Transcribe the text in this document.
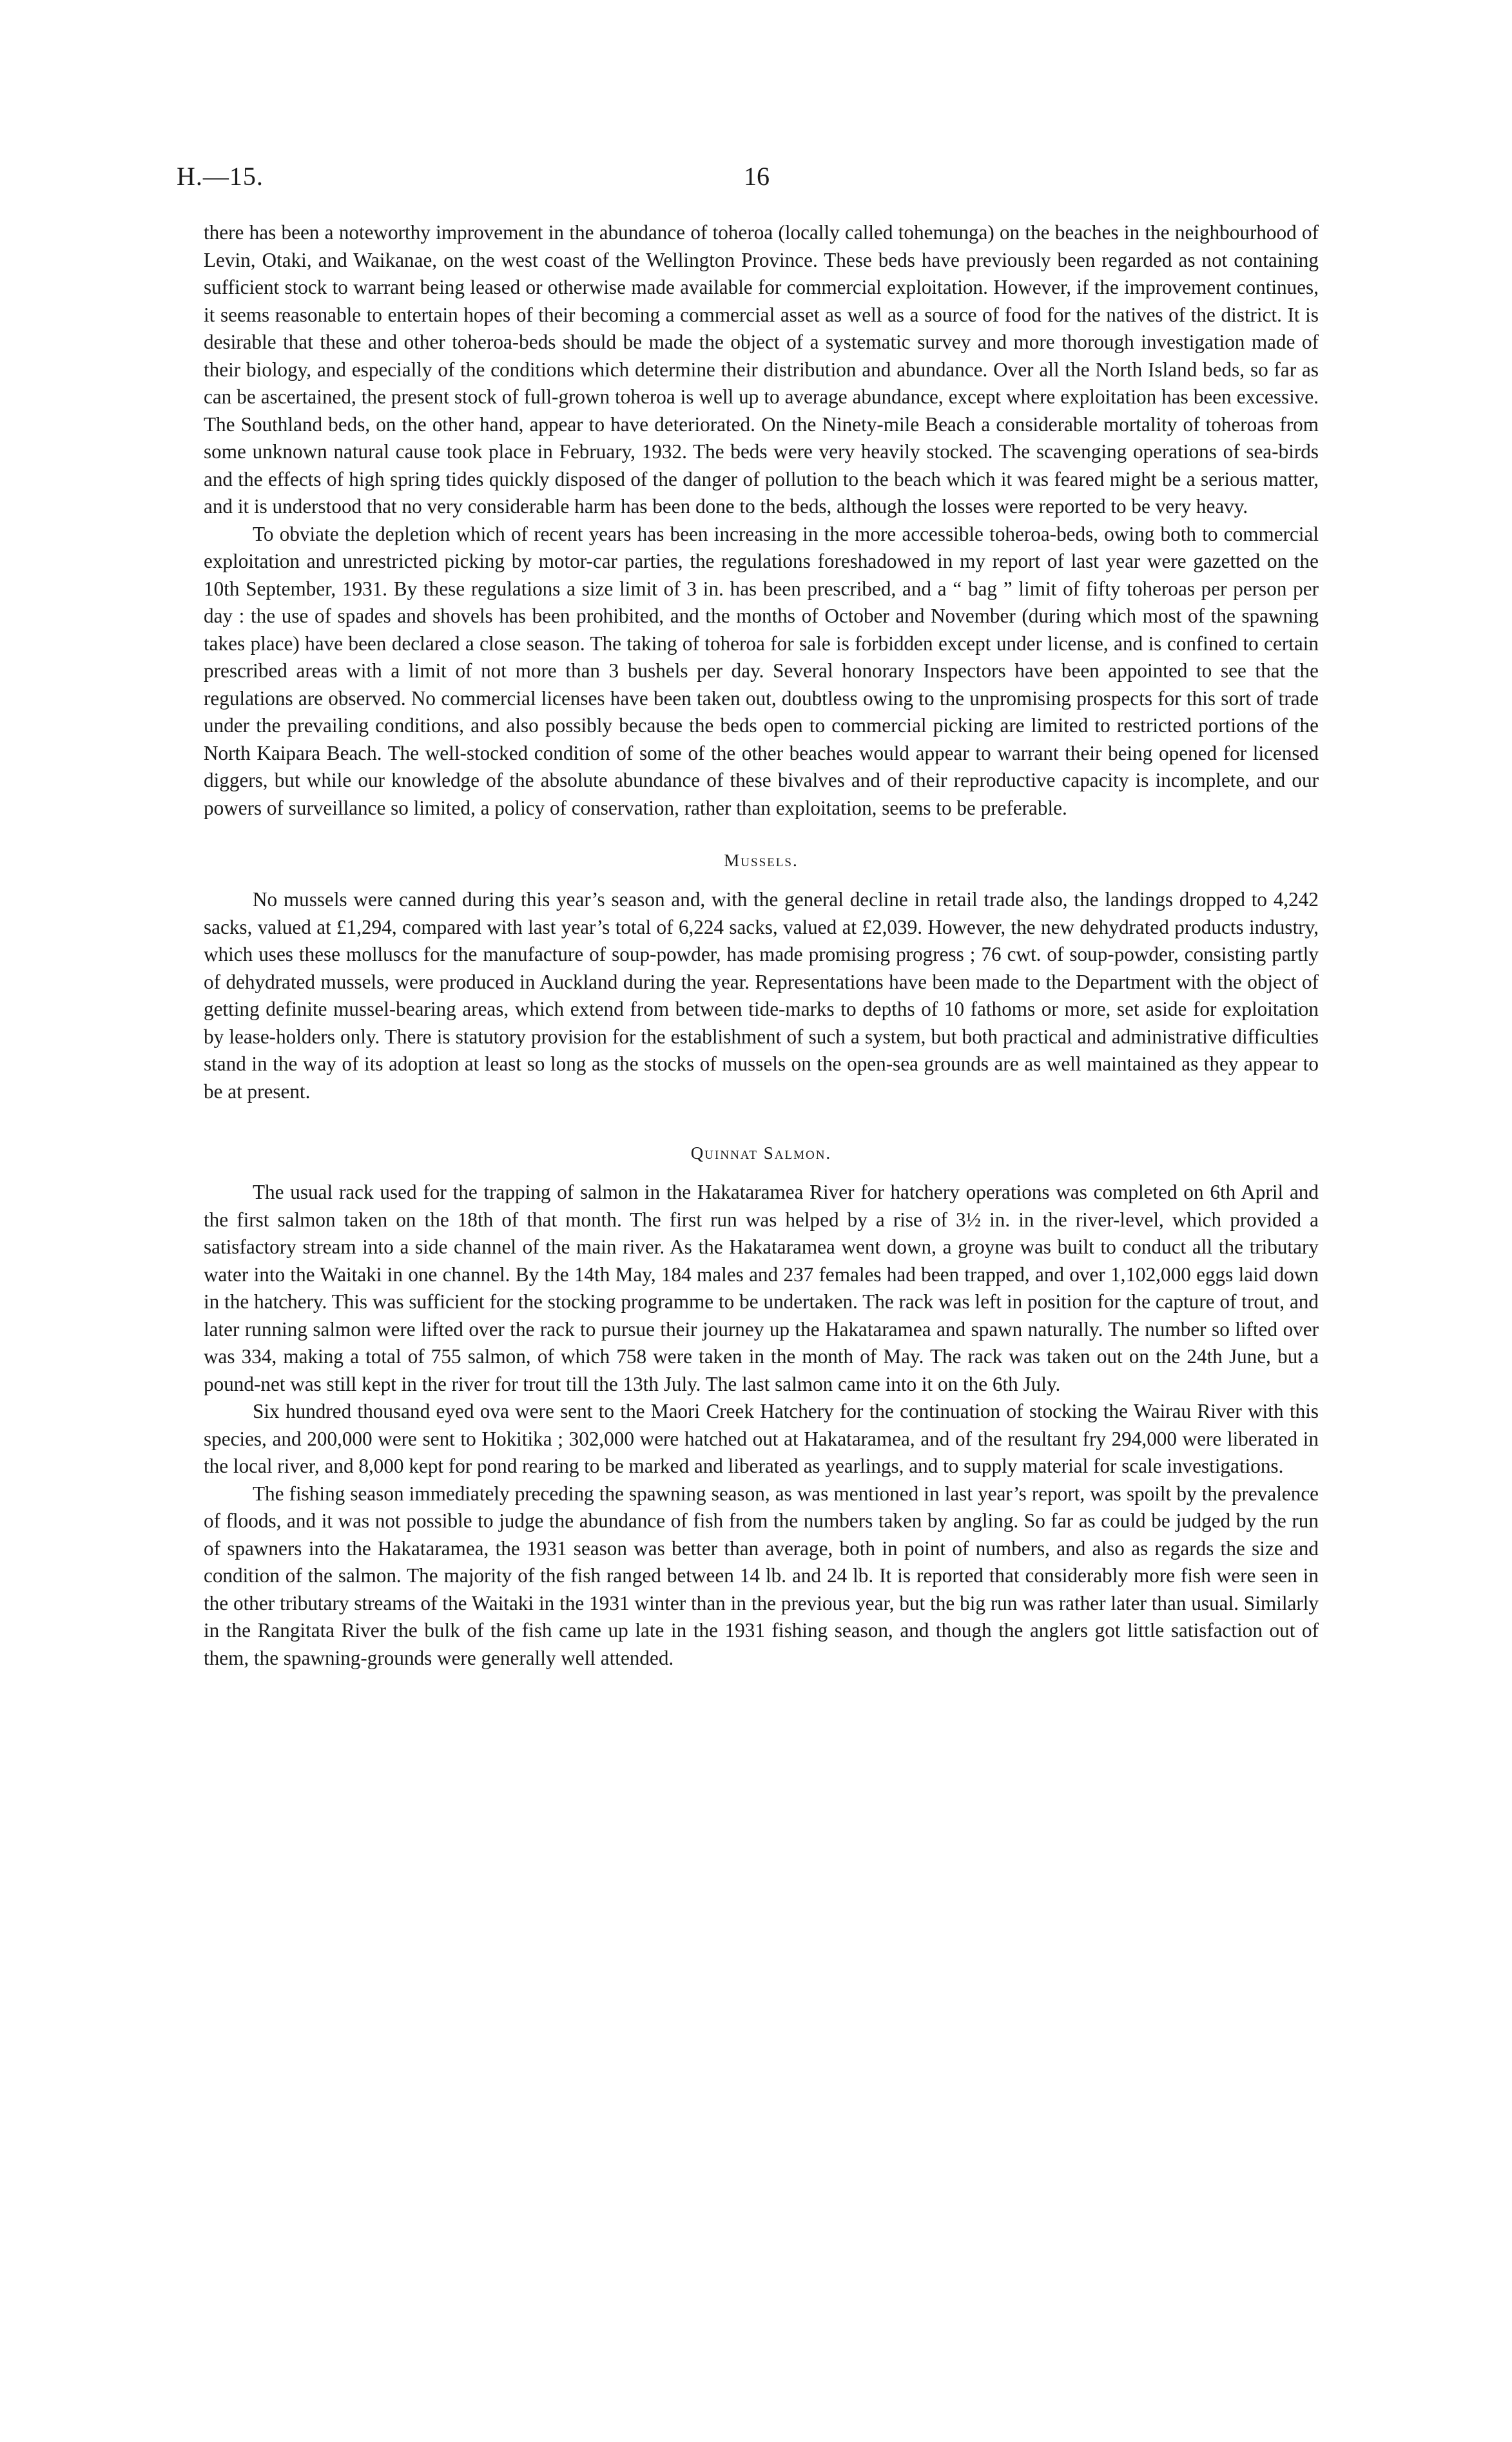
H.—15.	16

there has been a noteworthy improvement in the abundance of toheroa (locally called tohemunga) on the beaches in the neighbourhood of Levin, Otaki, and Waikanae, on the west coast of the Wellington Province. These beds have previously been regarded as not containing sufficient stock to warrant being leased or otherwise made available for commercial exploitation. However, if the improvement continues, it seems reasonable to entertain hopes of their becoming a commercial asset as well as a source of food for the natives of the district. It is desirable that these and other toheroa-beds should be made the object of a systematic survey and more thorough investigation made of their biology, and especially of the conditions which determine their distribution and abundance. Over all the North Island beds, so far as can be ascertained, the present stock of full-grown toheroa is well up to average abundance, except where exploitation has been excessive. The Southland beds, on the other hand, appear to have deteriorated. On the Ninety-mile Beach a considerable mortality of toheroas from some unknown natural cause took place in February, 1932. The beds were very heavily stocked. The scavenging operations of sea-birds and the effects of high spring tides quickly disposed of the danger of pollution to the beach which it was feared might be a serious matter, and it is understood that no very considerable harm has been done to the beds, although the losses were reported to be very heavy.

To obviate the depletion which of recent years has been increasing in the more accessible toheroa-beds, owing both to commercial exploitation and unrestricted picking by motor-car parties, the regulations foreshadowed in my report of last year were gazetted on the 10th September, 1931. By these regulations a size limit of 3 in. has been prescribed, and a “ bag ” limit of fifty toheroas per person per day : the use of spades and shovels has been prohibited, and the months of October and November (during which most of the spawning takes place) have been declared a close season. The taking of toheroa for sale is forbidden except under license, and is confined to certain prescribed areas with a limit of not more than 3 bushels per day. Several honorary Inspectors have been appointed to see that the regulations are observed. No commercial licenses have been taken out, doubtless owing to the unpromising prospects for this sort of trade under the prevailing conditions, and also possibly because the beds open to commercial picking are limited to restricted portions of the North Kaipara Beach. The well-stocked condition of some of the other beaches would appear to warrant their being opened for licensed diggers, but while our knowledge of the absolute abundance of these bivalves and of their reproductive capacity is incomplete, and our powers of surveillance so limited, a policy of conservation, rather than exploitation, seems to be preferable.

Mussels.

No mussels were canned during this year’s season and, with the general decline in retail trade also, the landings dropped to 4,242 sacks, valued at £1,294, compared with last year’s total of 6,224 sacks, valued at £2,039. However, the new dehydrated products industry, which uses these molluscs for the manufacture of soup-powder, has made promising progress ; 76 cwt. of soup-powder, consisting partly of dehydrated mussels, were produced in Auckland during the year. Representations have been made to the Department with the object of getting definite mussel-bearing areas, which extend from between tide-marks to depths of 10 fathoms or more, set aside for exploitation by lease-holders only. There is statutory provision for the establishment of such a system, but both practical and administrative difficulties stand in the way of its adoption at least so long as the stocks of mussels on the open-sea grounds are as well maintained as they appear to be at present.

Quinnat Salmon.

The usual rack used for the trapping of salmon in the Hakataramea River for hatchery operations was completed on 6th April and the first salmon taken on the 18th of that month. The first run was helped by a rise of 3½ in. in the river-level, which provided a satisfactory stream into a side channel of the main river. As the Hakataramea went down, a groyne was built to conduct all the tributary water into the Waitaki in one channel. By the 14th May, 184 males and 237 females had been trapped, and over 1,102,000 eggs laid down in the hatchery. This was sufficient for the stocking programme to be undertaken. The rack was left in position for the capture of trout, and later running salmon were lifted over the rack to pursue their journey up the Hakataramea and spawn naturally. The number so lifted over was 334, making a total of 755 salmon, of which 758 were taken in the month of May. The rack was taken out on the 24th June, but a pound-net was still kept in the river for trout till the 13th July. The last salmon came into it on the 6th July.

Six hundred thousand eyed ova were sent to the Maori Creek Hatchery for the continuation of stocking the Wairau River with this species, and 200,000 were sent to Hokitika ; 302,000 were hatched out at Hakataramea, and of the resultant fry 294,000 were liberated in the local river, and 8,000 kept for pond rearing to be marked and liberated as yearlings, and to supply material for scale investigations.

The fishing season immediately preceding the spawning season, as was mentioned in last year’s report, was spoilt by the prevalence of floods, and it was not possible to judge the abundance of fish from the numbers taken by angling. So far as could be judged by the run of spawners into the Hakataramea, the 1931 season was better than average, both in point of numbers, and also as regards the size and condition of the salmon. The majority of the fish ranged between 14 lb. and 24 lb. It is reported that considerably more fish were seen in the other tributary streams of the Waitaki in the 1931 winter than in the previous year, but the big run was rather later than usual. Similarly in the Rangitata River the bulk of the fish came up late in the 1931 fishing season, and though the anglers got little satisfaction out of them, the spawning-grounds were generally well attended.
